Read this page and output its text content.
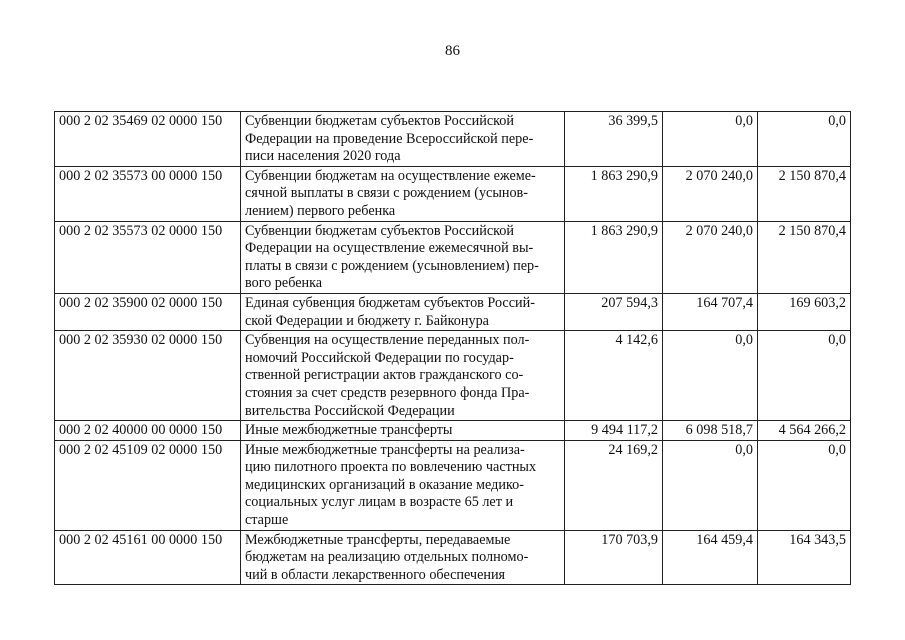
86
000 2 02 35469 02 0000 150	Субвенции бюджетам субъектов Российской
Федерации на проведение Всероссийской пере-
писи населения 2020 года	36 399,5	0,0	0,0
000 2 02 35573 00 0000 150	Субвенции бюджетам на осуществление ежеме-
сячной выплаты в связи с рождением (усынов-
лением) первого ребенка	1 863 290,9	2 070 240,0	2 150 870,4
000 2 02 35573 02 0000 150	Субвенции бюджетам субъектов Российской
Федерации на осуществление ежемесячной вы-
платы в связи с рождением (усыновлением) пер-
вого ребенка	1 863 290,9	2 070 240,0	2 150 870,4
000 2 02 35900 02 0000 150	Единая субвенция бюджетам субъектов Россий-
ской Федерации и бюджету г. Байконура	207 594,3	164 707,4	169 603,2
000 2 02 35930 02 0000 150	Субвенция на осуществление переданных пол-
номочий Российской Федерации по государ-
ственной регистрации актов гражданского со-
стояния за счет средств резервного фонда Пра-
вительства Российской Федерации	4 142,6	0,0	0,0
000 2 02 40000 00 0000 150	Иные межбюджетные трансферты	9 494 117,2	6 098 518,7	4 564 266,2
000 2 02 45109 02 0000 150	Иные межбюджетные трансферты на реализа-
цию пилотного проекта по вовлечению частных
медицинских организаций в оказание медико-
социальных услуг лицам в возрасте 65 лет и
старше	24 169,2	0,0	0,0
000 2 02 45161 00 0000 150	Межбюджетные трансферты, передаваемые
бюджетам на реализацию отдельных полномо-
чий в области лекарственного обеспечения	170 703,9	164 459,4	164 343,5
